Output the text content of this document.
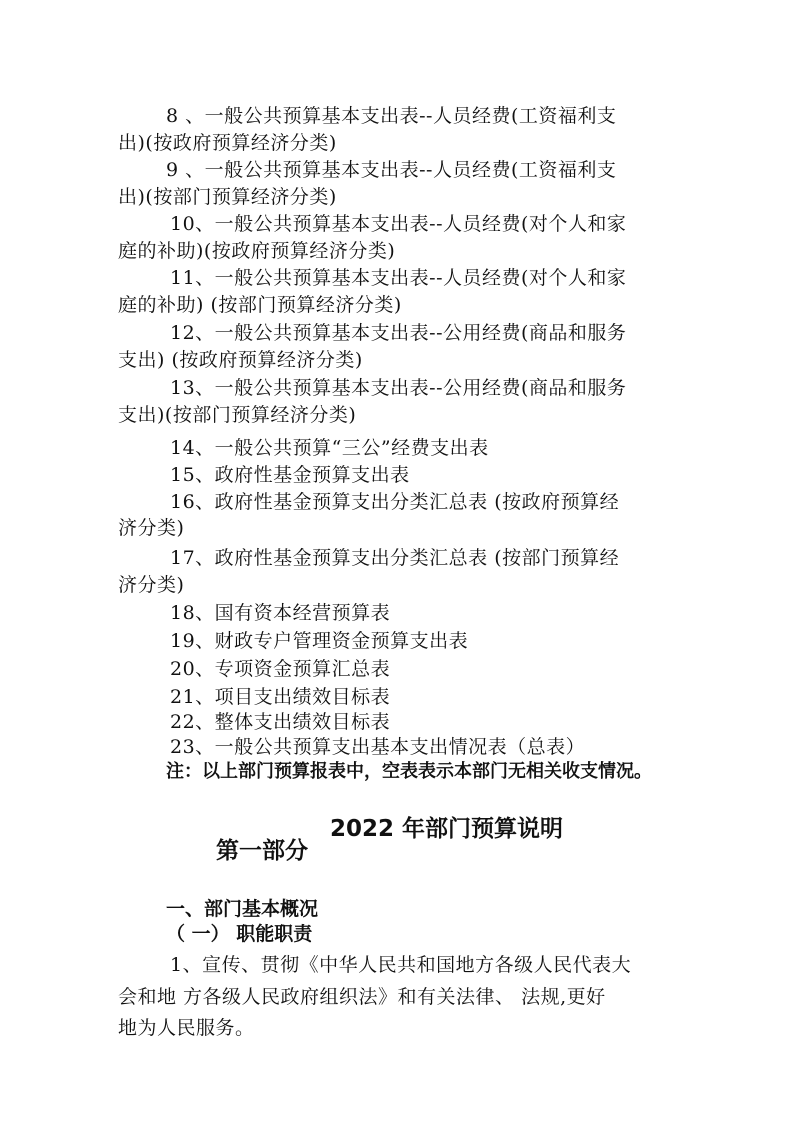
8 、一般公共预算基本支出表--人员经费(工资福利支
出)(按政府预算经济分类)
9 、一般公共预算基本支出表--人员经费(工资福利支
出)(按部门预算经济分类)
10、一般公共预算基本支出表--人员经费(对个人和家
庭的补助)(按政府预算经济分类)
11、一般公共预算基本支出表--人员经费(对个人和家
庭的补助) (按部门预算经济分类)
12、一般公共预算基本支出表--公用经费(商品和服务
支出) (按政府预算经济分类)
13、一般公共预算基本支出表--公用经费(商品和服务
支出)(按部门预算经济分类)
14、一般公共预算“三公”经费支出表
15、政府性基金预算支出表
16、政府性基金预算支出分类汇总表 (按政府预算经
济分类)
17、政府性基金预算支出分类汇总表 (按部门预算经
济分类)
18、国有资本经营预算表
19、财政专户管理资金预算支出表
20、专项资金预算汇总表
21、项目支出绩效目标表
22、整体支出绩效目标表
23、一般公共预算支出基本支出情况表（总表）
注：以上部门预算报表中，空表表示本部门无相关收支情况。
2022 年部门预算说明
第一部分
一、部门基本概况
（ 一） 职能职责
1、宣传、贯彻《中华人民共和国地方各级人民代表大
会和地 方各级人民政府组织法》和有关法律、 法规,更好
地为人民服务。
